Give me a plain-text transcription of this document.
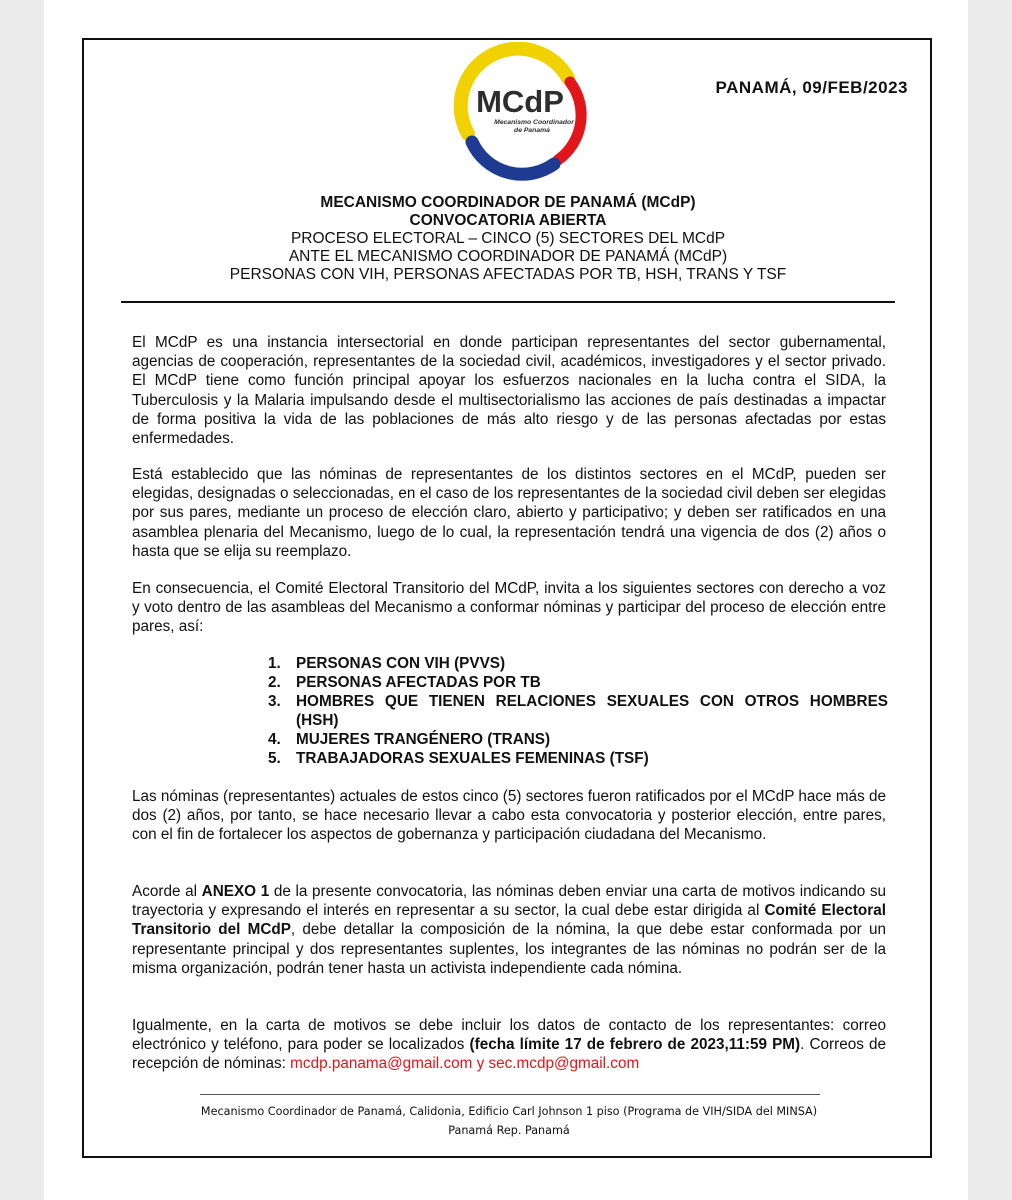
MCdP
Mecanismo Coordinador
de Panamá
PANAMÁ, 09/FEB/2023
MECANISMO COORDINADOR DE PANAMÁ (MCdP)
CONVOCATORIA ABIERTA
PROCESO ELECTORAL – CINCO (5) SECTORES DEL MCdP
ANTE EL MECANISMO COORDINADOR DE PANAMÁ (MCdP)
PERSONAS CON VIH, PERSONAS AFECTADAS POR TB, HSH, TRANS Y TSF
El MCdP es una instancia intersectorial en donde participan representantes del sector gubernamental, agencias de cooperación, representantes de la sociedad civil, académicos, investigadores y el sector privado. El MCdP tiene como función principal apoyar los esfuerzos nacionales en la lucha contra el SIDA, la Tuberculosis y la Malaria impulsando desde el multisectorialismo las acciones de país destinadas a impactar de forma positiva la vida de las poblaciones de más alto riesgo y de las personas afectadas por estas enfermedades.
Está establecido que las nóminas de representantes de los distintos sectores en el MCdP, pueden ser elegidas, designadas o seleccionadas, en el caso de los representantes de la sociedad civil deben ser elegidas por sus pares, mediante un proceso de elección claro, abierto y participativo; y deben ser ratificados en una asamblea plenaria del Mecanismo, luego de lo cual, la representación tendrá una vigencia de dos (2) años o hasta que se elija su reemplazo.
En consecuencia, el Comité Electoral Transitorio del MCdP, invita a los siguientes sectores con derecho a voz y voto dentro de las asambleas del Mecanismo a conformar nóminas y participar del proceso de elección entre pares, así:
1. PERSONAS CON VIH (PVVS)
2. PERSONAS AFECTADAS POR TB
3. HOMBRES QUE TIENEN RELACIONES SEXUALES CON OTROS HOMBRES (HSH)
4. MUJERES TRANGÉNERO (TRANS)
5. TRABAJADORAS SEXUALES FEMENINAS (TSF)
Las nóminas (representantes) actuales de estos cinco (5) sectores fueron ratificados por el MCdP hace más de dos (2) años, por tanto, se hace necesario llevar a cabo esta convocatoria y posterior elección, entre pares, con el fin de fortalecer los aspectos de gobernanza y participación ciudadana del Mecanismo.
Acorde al ANEXO 1 de la presente convocatoria, las nóminas deben enviar una carta de motivos indicando su trayectoria y expresando el interés en representar a su sector, la cual debe estar dirigida al Comité Electoral Transitorio del MCdP, debe detallar la composición de la nómina, la que debe estar conformada por un representante principal y dos representantes suplentes, los integrantes de las nóminas no podrán ser de la misma organización, podrán tener hasta un activista independiente cada nómina.
Igualmente, en la carta de motivos se debe incluir los datos de contacto de los representantes: correo electrónico y teléfono, para poder se localizados (fecha límite 17 de febrero de 2023,11:59 PM). Correos de recepción de nóminas: mcdp.panama@gmail.com y sec.mcdp@gmail.com
Mecanismo Coordinador de Panamá, Calidonia, Edificio Carl Johnson 1 piso (Programa de VIH/SIDA del MINSA)
Panamá Rep. Panamá
